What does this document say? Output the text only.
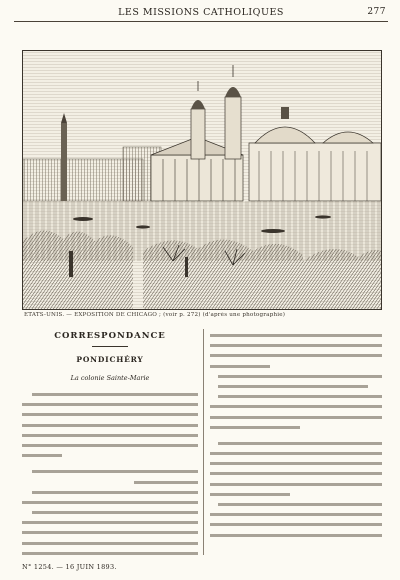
LES MISSIONS CATHOLIQUES	277
ÉTATS-UNIS. — EXPOSITION DE CHICAGO ; (voir p. 272) (d'après une photographie)
CORRESPONDANCE
PONDICHÉRY
La colonie Sainte-Marie
N° 1254. — 16 JUIN 1893.
